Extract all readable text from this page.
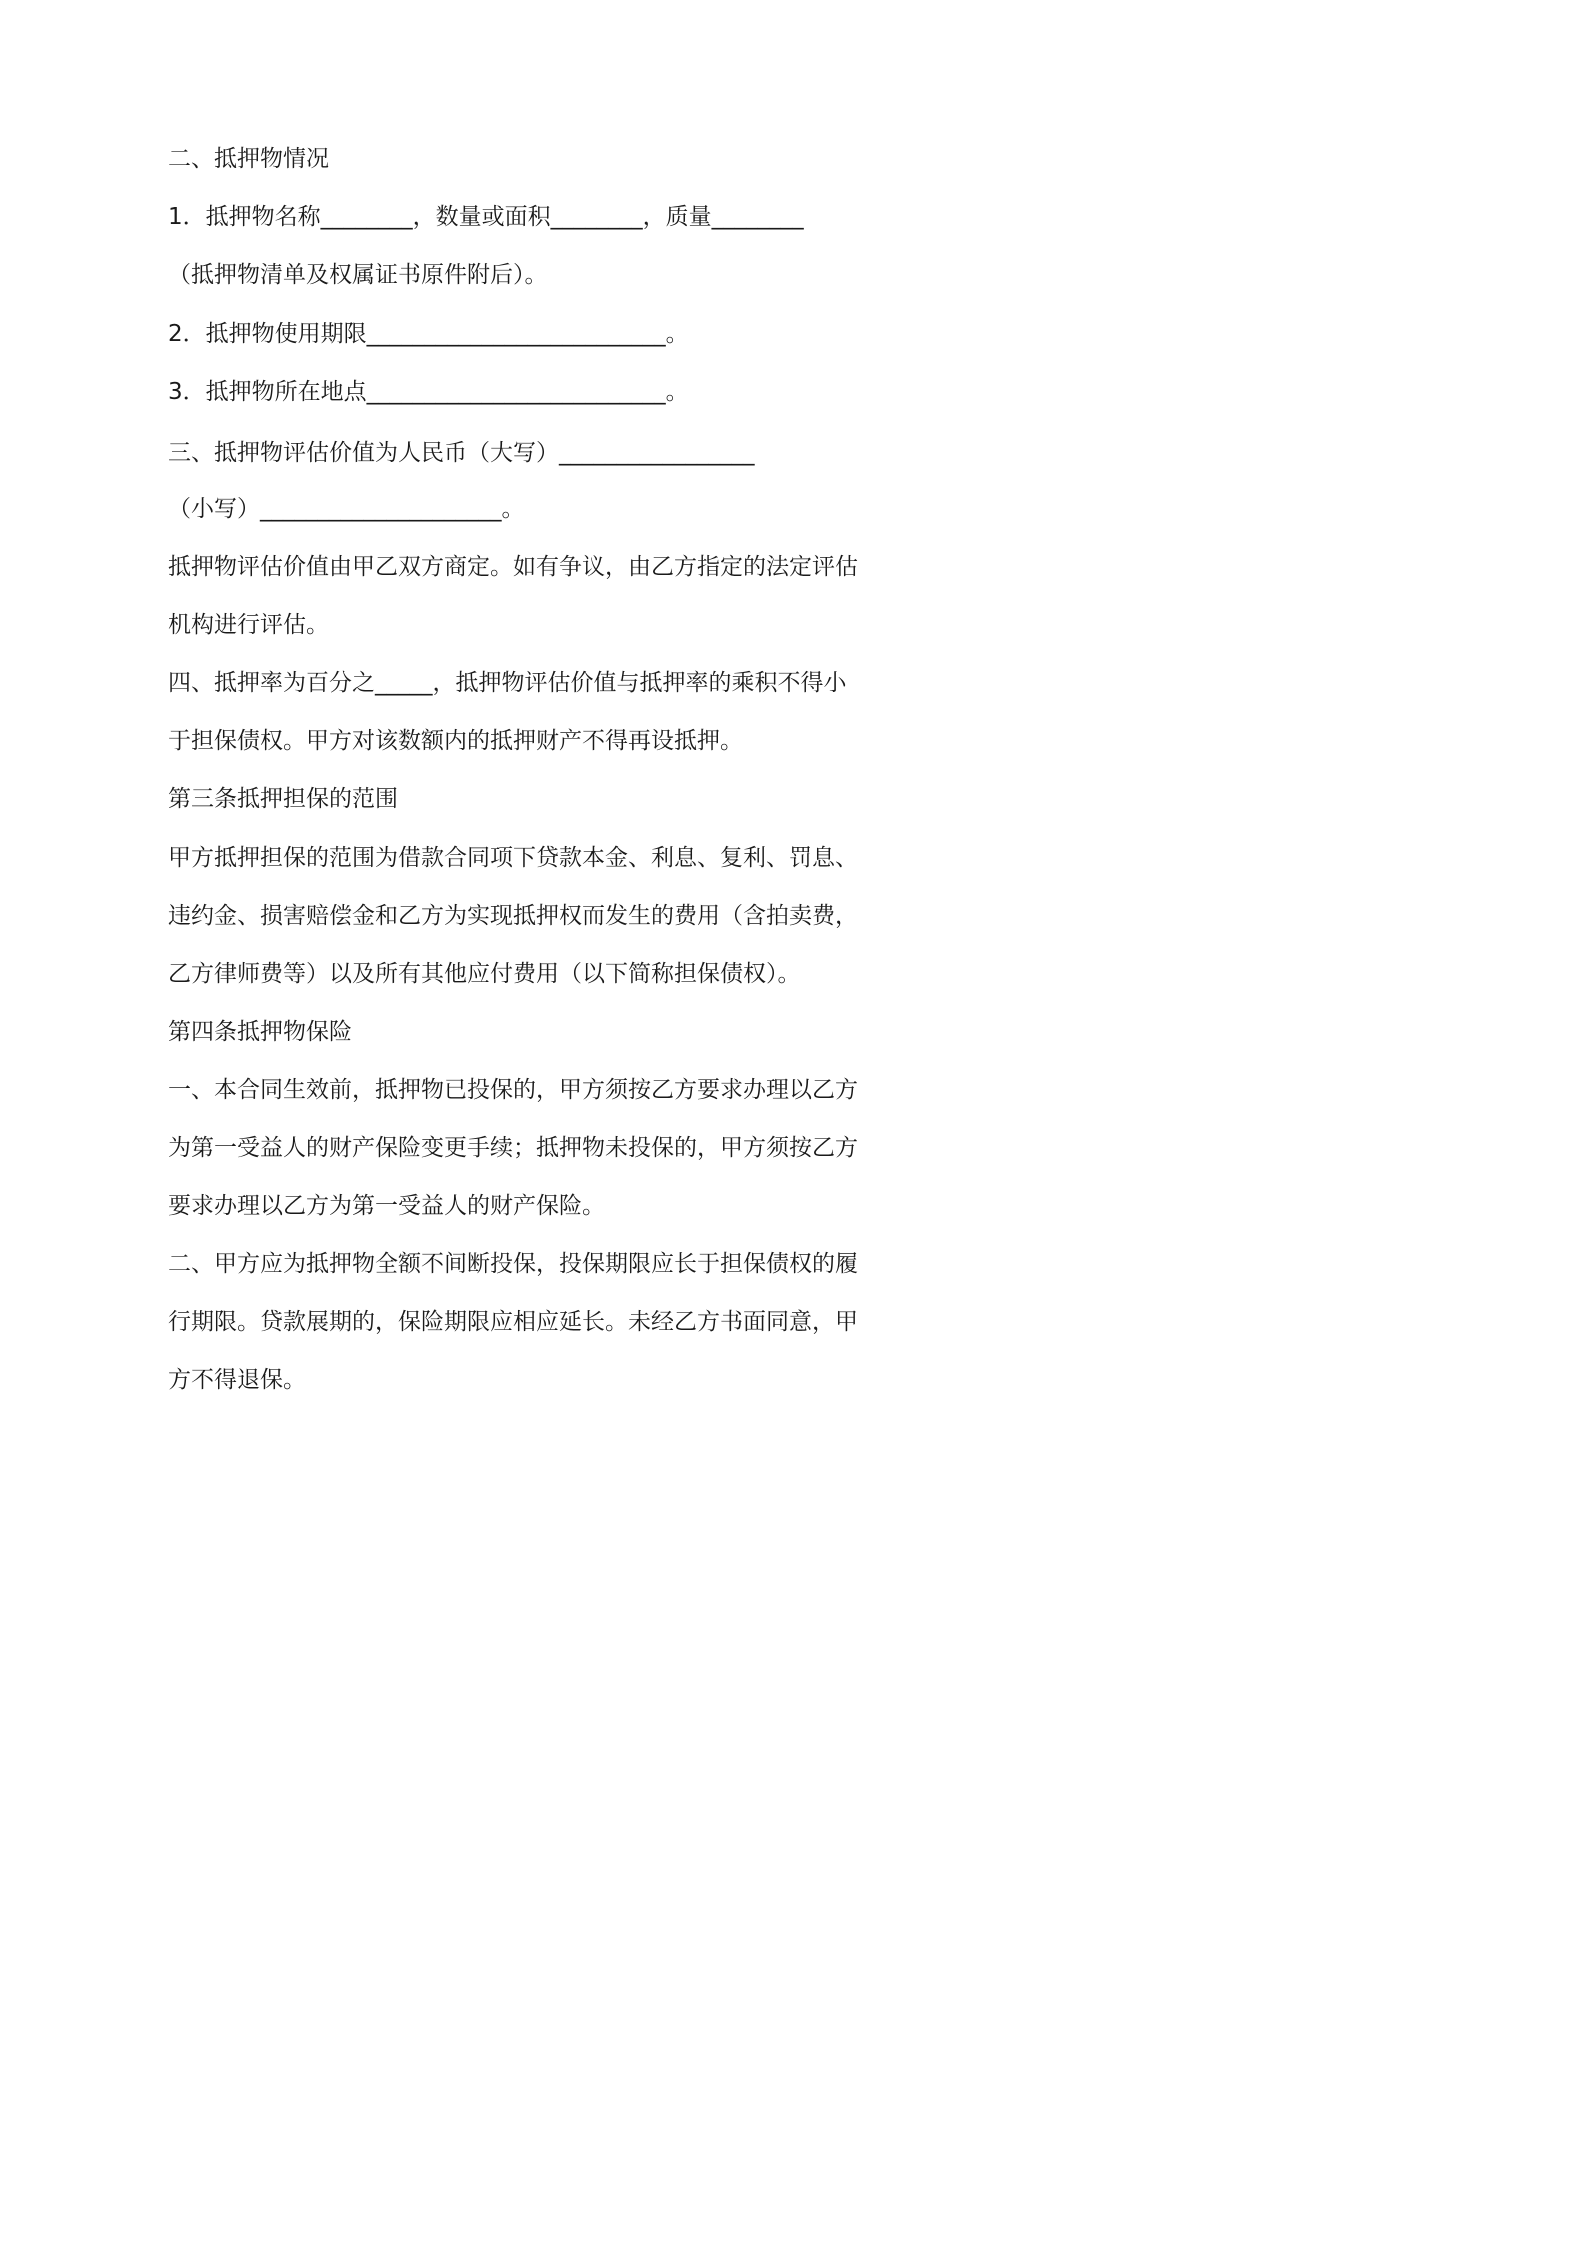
二、抵押物情况

1．抵押物名称________，数量或面积________，质量________

（抵押物清单及权属证书原件附后）。

2．抵押物使用期限__________________________。

3．抵押物所在地点__________________________。

三、抵押物评估价值为人民币（大写）_________________

（小写）_____________________。

抵押物评估价值由甲乙双方商定。如有争议，由乙方指定的法定评估

机构进行评估。

四、抵押率为百分之_____，抵押物评估价值与抵押率的乘积不得小

于担保债权。甲方对该数额内的抵押财产不得再设抵押。

第三条抵押担保的范围

甲方抵押担保的范围为借款合同项下贷款本金、利息、复利、罚息、

违约金、损害赔偿金和乙方为实现抵押权而发生的费用（含拍卖费，

乙方律师费等）以及所有其他应付费用（以下简称担保债权）。

第四条抵押物保险

一、本合同生效前，抵押物已投保的，甲方须按乙方要求办理以乙方

为第一受益人的财产保险变更手续；抵押物未投保的，甲方须按乙方

要求办理以乙方为第一受益人的财产保险。

二、甲方应为抵押物全额不间断投保，投保期限应长于担保债权的履

行期限。贷款展期的，保险期限应相应延长。未经乙方书面同意，甲

方不得退保。
